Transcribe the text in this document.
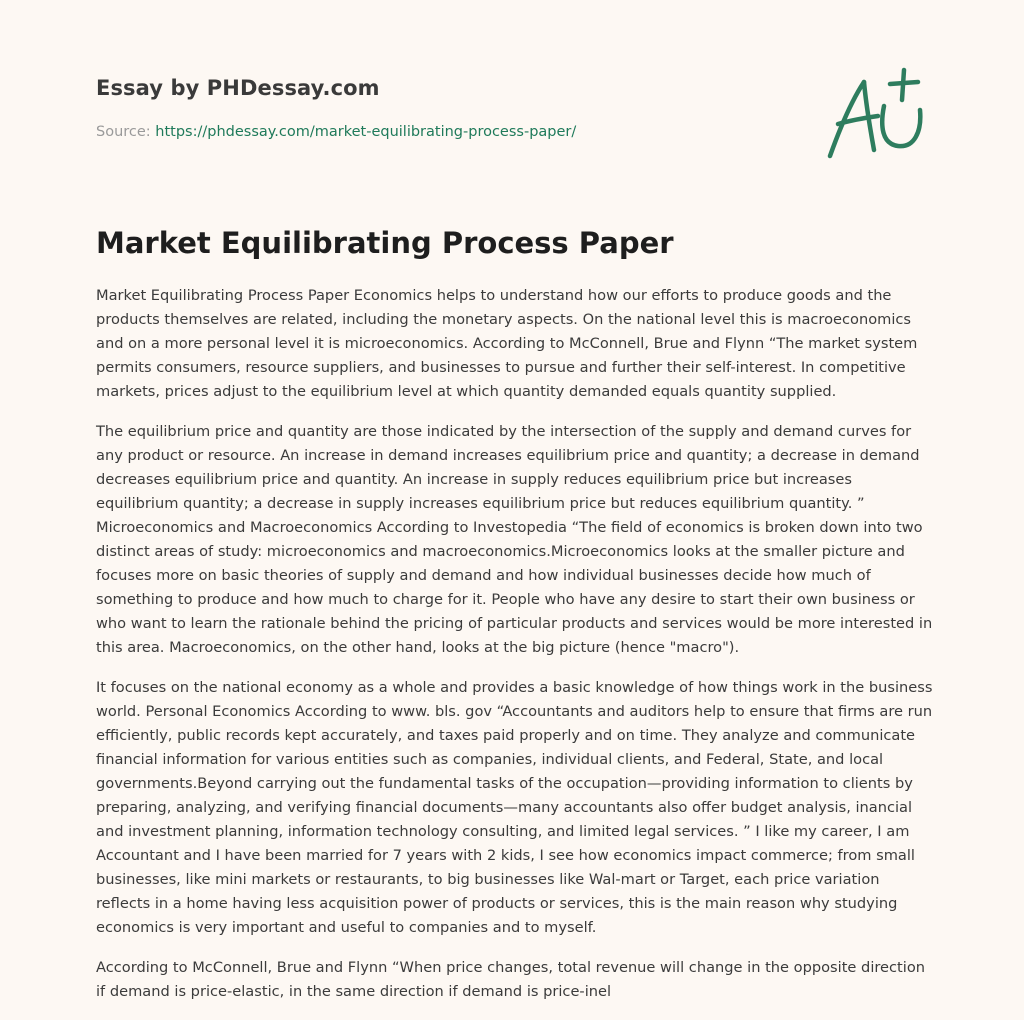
Essay by PHDessay.com
Source: https://phdessay.com/market-equilibrating-process-paper/
Market Equilibrating Process Paper

Market Equilibrating Process Paper Economics helps to understand how our efforts to produce goods and the products themselves are related, including the monetary aspects. On the national level this is macroeconomics and on a more personal level it is microeconomics. According to McConnell, Brue and Flynn “The market system permits consumers, resource suppliers, and businesses to pursue and further their self-interest. In competitive markets, prices adjust to the equilibrium level at which quantity demanded equals quantity supplied.

The equilibrium price and quantity are those indicated by the intersection of the supply and demand curves for any product or resource. An increase in demand increases equilibrium price and quantity; a decrease in demand decreases equilibrium price and quantity. An increase in supply reduces equilibrium price but increases equilibrium quantity; a decrease in supply increases equilibrium price but reduces equilibrium quantity. ” Microeconomics and Macroeconomics According to Investopedia “The field of economics is broken down into two distinct areas of study: microeconomics and macroeconomics.Microeconomics looks at the smaller picture and focuses more on basic theories of supply and demand and how individual businesses decide how much of something to produce and how much to charge for it. People who have any desire to start their own business or who want to learn the rationale behind the pricing of particular products and services would be more interested in this area. Macroeconomics, on the other hand, looks at the big picture (hence "macro").

It focuses on the national economy as a whole and provides a basic knowledge of how things work in the business world. Personal Economics According to www. bls. gov “Accountants and auditors help to ensure that firms are run efficiently, public records kept accurately, and taxes paid properly and on time. They analyze and communicate financial information for various entities such as companies, individual clients, and Federal, State, and local governments.Beyond carrying out the fundamental tasks of the occupation—providing information to clients by preparing, analyzing, and verifying financial documents—many accountants also offer budget analysis, inancial and investment planning, information technology consulting, and limited legal services. ” I like my career, I am Accountant and I have been married for 7 years with 2 kids, I see how economics impact commerce; from small businesses, like mini markets or restaurants, to big businesses like Wal-mart or Target, each price variation reflects in a home having less acquisition power of products or services, this is the main reason why studying economics is very important and useful to companies and to myself.

According to McConnell, Brue and Flynn “When price changes, total revenue will change in the opposite direction if demand is price-elastic, in the same direction if demand is price-inel
